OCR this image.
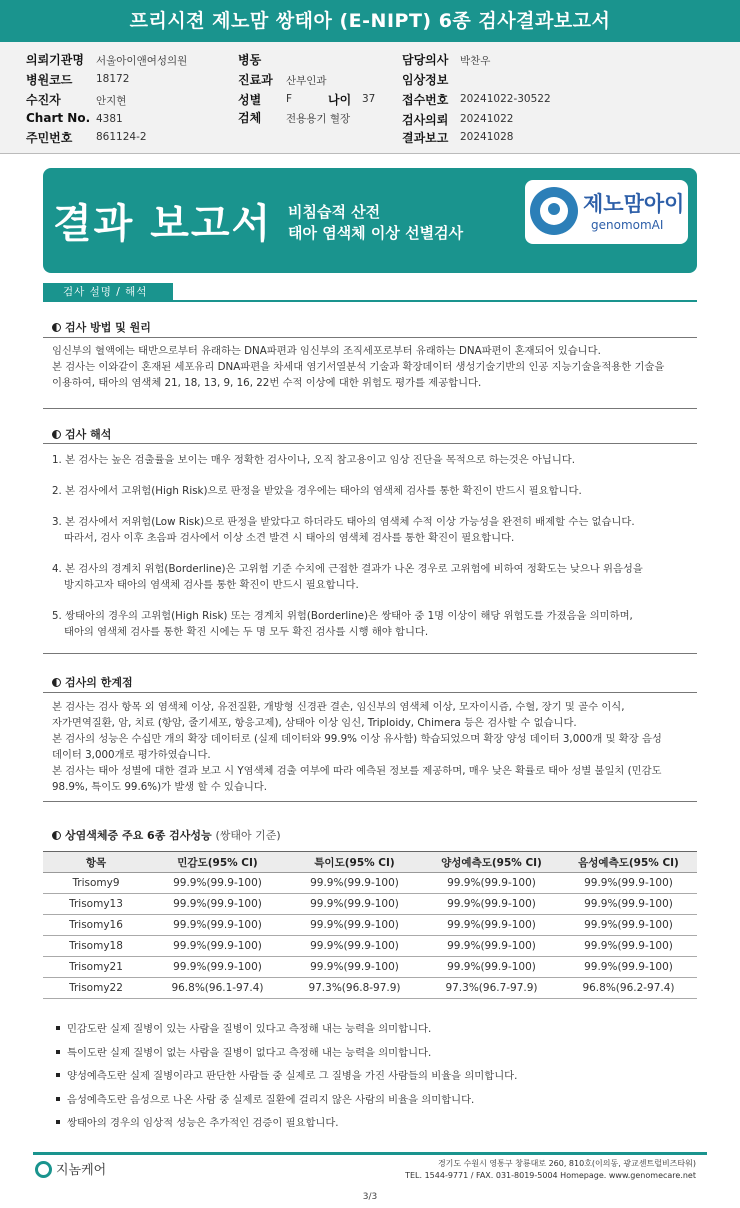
프리시젼 제노맘 쌍태아 (E-NIPT) 6종 검사결과보고서
의뢰기관명 서울아이앤여성의원
병원코드 18172
수진자	안지현
Chart No. 4381
주민번호 861124-2
병동
진료과 산부인과
성별 F	나이 37
검체 전용용기 혈장
담당의사 박찬우
임상정보
접수번호 20241022-30522
검사의뢰 20241022
결과보고 20241028
결과 보고서 비침습적 산전
태아 염색체 이상 선별검사
제노맘아이
genomomAI
검사 설명 / 해석
검사 방법 및 원리
임신부의 혈액에는 태반으로부터 유래하는 DNA파편과 임신부의 조직세포로부터 유래하는 DNA파편이 혼재되어 있습니다.
본 검사는 이와같이 혼재된 세포유리 DNA파편을 차세대 염기서열분석 기술과 확장데이터 생성기술기반의 인공 지능기술을적용한 기술을
이용하여, 태아의 염색체 21, 18, 13, 9, 16, 22번 수적 이상에 대한 위험도 평가를 제공합니다.
검사 해석
1. 본 검사는 높은 검출률을 보이는 매우 정확한 검사이나, 오직 참고용이고 임상 진단을 목적으로 하는것은 아닙니다.
2. 본 검사에서 고위험(High Risk)으로 판정을 받았을 경우에는 태아의 염색체 검사를 통한 확진이 반드시 필요합니다.
3. 본 검사에서 저위험(Low Risk)으로 판정을 받았다고 하더라도 태아의 염색체 수적 이상 가능성을 완전히 배제할 수는 없습니다.
따라서, 검사 이후 초음파 검사에서 이상 소견 발견 시 태아의 염색체 검사를 통한 확진이 필요합니다.
4. 본 검사의 경계치 위험(Borderline)은 고위험 기준 수치에 근접한 결과가 나온 경우로 고위험에 비하여 정확도는 낮으나 위음성을
방지하고자 태아의 염색체 검사를 통한 확진이 반드시 필요합니다.
5. 쌍태아의 경우의 고위험(High Risk) 또는 경계치 위험(Borderline)은 쌍태아 중 1명 이상이 해당 위험도를 가졌음을 의미하며,
태아의 염색체 검사를 통한 확진 시에는 두 명 모두 확진 검사를 시행 해야 합니다.
검사의 한계점
본 검사는 검사 항목 외 염색체 이상, 유전질환, 개방형 신경관 결손, 임신부의 염색체 이상, 모자이시즘, 수혈, 장기 및 골수 이식,
자가면역질환, 암, 치료 (항암, 줄기세포, 항응고제), 삼태아 이상 임신, Triploidy, Chimera 등은 검사할 수 없습니다.
본 검사의 성능은 수십만 개의 확장 데이터로 (실제 데이터와 99.9% 이상 유사함) 학습되었으며 확장 양성 데이터 3,000개 및 확장 음성
데이터 3,000개로 평가하였습니다.
본 검사는 태아 성별에 대한 결과 보고 시 Y염색체 검출 여부에 따라 예측된 정보를 제공하며, 매우 낮은 확률로 태아 성별 불일치 (민감도
98.9%, 특이도 99.6%)가 발생 할 수 있습니다.
상염색체증 주요 6종 검사성능 (쌍태아 기준)
항목	민감도(95% CI)	특이도(95% CI)	양성예측도(95% CI)	음성예측도(95% CI)
Trisomy9	99.9%(99.9-100)	99.9%(99.9-100)	99.9%(99.9-100)	99.9%(99.9-100)
Trisomy13	99.9%(99.9-100)	99.9%(99.9-100)	99.9%(99.9-100)	99.9%(99.9-100)
Trisomy16	99.9%(99.9-100)	99.9%(99.9-100)	99.9%(99.9-100)	99.9%(99.9-100)
Trisomy18	99.9%(99.9-100)	99.9%(99.9-100)	99.9%(99.9-100)	99.9%(99.9-100)
Trisomy21	99.9%(99.9-100)	99.9%(99.9-100)	99.9%(99.9-100)	99.9%(99.9-100)
Trisomy22	96.8%(96.1-97.4)	97.3%(96.8-97.9)	97.3%(96.7-97.9)	96.8%(96.2-97.4)
민감도란 실제 질병이 있는 사람을 질병이 있다고 측정해 내는 능력을 의미합니다.
특이도란 실제 질병이 없는 사람을 질병이 없다고 측정해 내는 능력을 의미합니다.
양성예측도란 실제 질병이라고 판단한 사람들 중 실제로 그 질병을 가진 사람들의 비율을 의미합니다.
음성예측도란 음성으로 나온 사람 중 실제로 질환에 걸리지 않은 사람의 비율을 의미합니다.
쌍태아의 경우의 임상적 성능은 추가적인 검증이 필요합니다.
지놈케어	경기도 수원시 영통구 창룡대로 260, 810호(이의동, 광교센트럴비즈타워)
TEL. 1544-9771 / FAX. 031-8019-5004 Homepage. www.genomecare.net
3/3
